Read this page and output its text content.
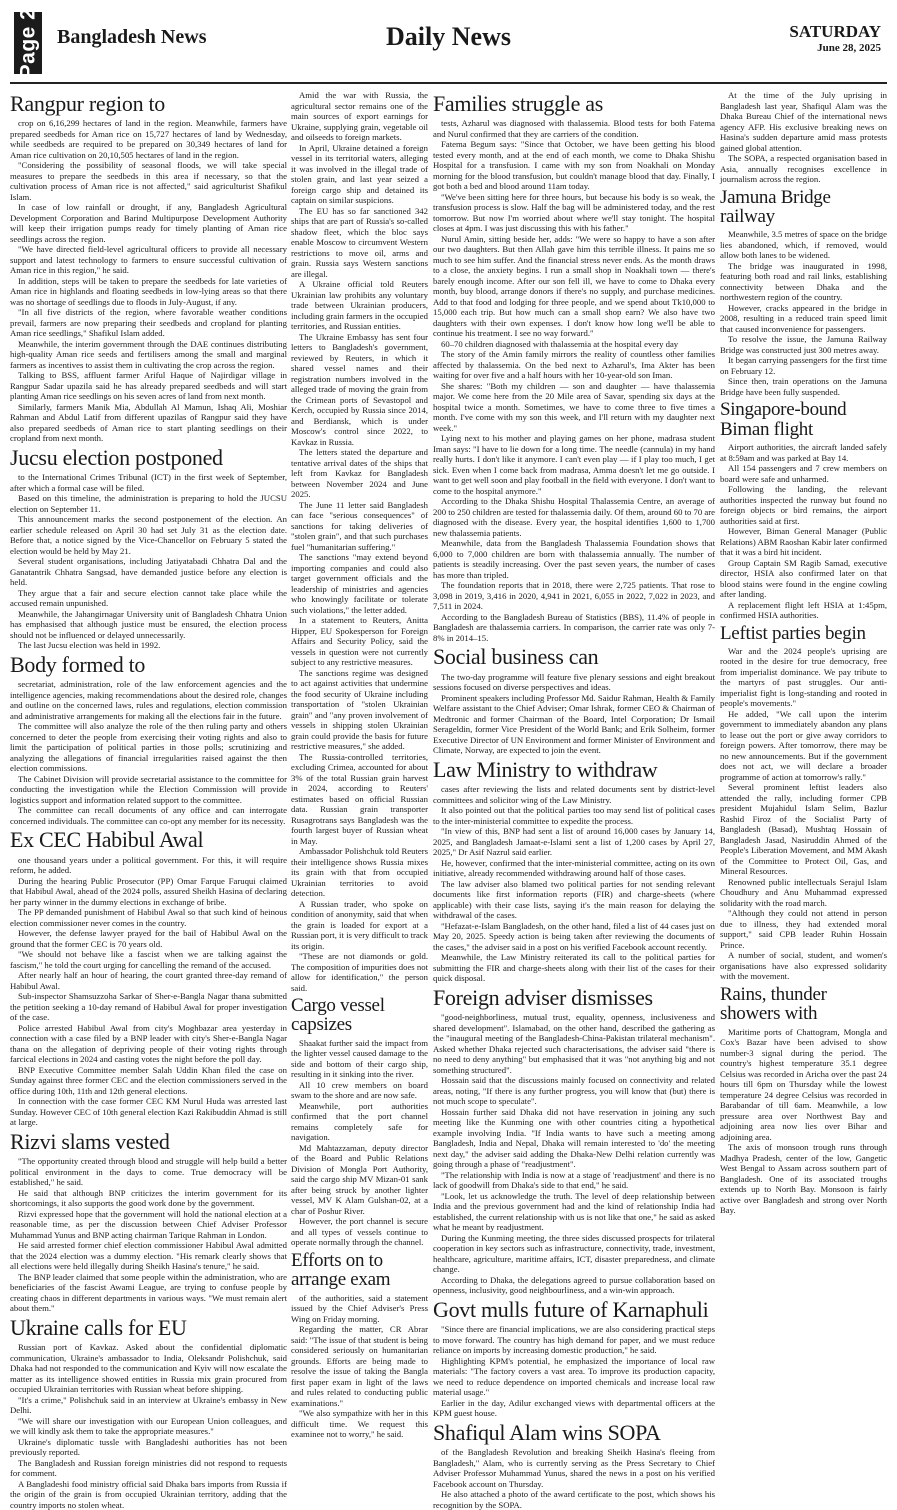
Page 2 Bangladesh News	Daily News	SATURDAY
June 28, 2025
Rangpur region to

crop on 6,16,299 hectares of land in the region. Meanwhile, farmers have prepared seedbeds for Aman rice on 15,727 hectares of land by Wednesday, while seedbeds are required to be prepared on 30,349 hectares of land for Aman rice cultivation on 20,10,505 hectares of land in the region.

"Considering the possibility of seasonal floods, we will take special measures to prepare the seedbeds in this area if necessary, so that the cultivation process of Aman rice is not affected," said agriculturist Shafikul Islam.

In case of low rainfall or drought, if any, Bangladesh Agricultural Development Corporation and Barind Multipurpose Development Authority will keep their irrigation pumps ready for timely planting of Aman rice seedlings across the region.

"We have directed field-level agricultural officers to provide all necessary support and latest technology to farmers to ensure successful cultivation of Aman rice in this region," he said.

In addition, steps will be taken to prepare the seedbeds for late varieties of Aman rice in highlands and floating seedbeds in low-lying areas so that there was no shortage of seedlings due to floods in July-August, if any.

"In all five districts of the region, where favorable weather conditions prevail, farmers are now preparing their seedbeds and cropland for planting Aman rice seedlings," Shafikul Islam added.

Meanwhile, the interim government through the DAE continues distributing high-quality Aman rice seeds and fertilisers among the small and marginal farmers as incentives to assist them in cultivating the crop across the region.

Talking to BSS, affluent farmer Ariful Haque of Najirdigar village in Rangpur Sadar upazila said he has already prepared seedbeds and will start planting Aman rice seedlings on his seven acres of land from next month.

Similarly, farmers Manik Mia, Abdullah Al Mamun, Ishaq Ali, Moshiar Rahman and Abdul Latif from different upazilas of Rangpur said they have also prepared seedbeds of Aman rice to start planting seedlings on their cropland from next month.

Jucsu election postponed

to the International Crimes Tribunal (ICT) in the first week of September, after which a formal case will be filed.

Based on this timeline, the administration is preparing to hold the JUCSU election on September 11.

This announcement marks the second postponement of the election. An earlier schedule released on April 30 had set July 31 as the election date. Before that, a notice signed by the Vice-Chancellor on February 5 stated the election would be held by May 21.

Several student organisations, including Jatiyatabadi Chhatra Dal and the Ganatantrik Chhatra Sangsad, have demanded justice before any election is held.

They argue that a fair and secure election cannot take place while the accused remain unpunished.

Meanwhile, the Jahangirnagar University unit of Bangladesh Chhatra Union has emphasised that although justice must be ensured, the election process should not be influenced or delayed unnecessarily.

The last Jucsu election was held in 1992.

Body formed to

secretariat, administration, role of the law enforcement agencies and the intelligence agencies, making recommendations about the desired role, changes and outline on the concerned laws, rules and regulations, election commission and administrative arrangements for making all the elections fair in the future.

The committee will also analyze the role of the then ruling party and others concerned to deter the people from exercising their voting rights and also to limit the participation of political parties in those polls; scrutinizing and analyzing the allegations of financial irregularities raised against the then election commissions.

The Cabinet Division will provide secretarial assistance to the committee for conducting the investigation while the Election Commission will provide logistics support and information related support to the committee.

The committee can recall documents of any office and can interrogate concerned individuals. The committee can co-opt any member for its necessity.

Ex CEC Habibul Awal

one thousand years under a political government. For this, it will require reform, he added.

During the hearing Public Prosecutor (PP) Omar Farque Faruqui claimed that Habibul Awal, ahead of the 2024 polls, assured Sheikh Hasina of declaring her party winner in the dummy elections in exchange of bribe.

The PP demanded punishment of Habibul Awal so that such kind of heinous election commissioner never comes in the country.

However, the defense lawyer prayed for the bail of Habibul Awal on the ground that the former CEC is 70 years old.

"We should not behave like a fascist when we are talking against the fascism," he told the court urging for cancelling the remand of the accused.

After nearly half an hour of hearing, the court granted three-day remand of Habibul Awal.

Sub-inspector Shamsuzzoha Sarkar of Sher-e-Bangla Nagar thana submitted the petition seeking a 10-day remand of Habibul Awal for proper investigation of the case.

Police arrested Habibul Awal from city's Moghbazar area yesterday in connection with a case filed by a BNP leader with city's Sher-e-Bangla Nagar thana on the allegation of depriving people of their voting rights through farcical elections in 2024 and casting votes the night before the poll day.

BNP Executive Committee member Salah Uddin Khan filed the case on Sunday against three former CEC and the election commissioners served in the office during 10th, 11th and 12th general elections.

In connection with the case former CEC KM Nurul Huda was arrested last Sunday. However CEC of 10th general election Kazi Rakibuddin Ahmad is still at large.

Rizvi slams vested

"The opportunity created through blood and struggle will help build a better political environment in the days to come. True democracy will be established," he said.

He said that although BNP criticizes the interim government for its shortcomings, it also supports the good work done by the government.

Rizvi expressed hope that the government will hold the national election at a reasonable time, as per the discussion between Chief Adviser Professor Muhammad Yunus and BNP acting chairman Tarique Rahman in London.

He said arrested former chief election commissioner Habibul Awal admitted that the 2024 election was a dummy election. "His remark clearly shows that all elections were held illegally during Sheikh Hasina's tenure," he said.

The BNP leader claimed that some people within the administration, who are beneficiaries of the fascist Awami League, are trying to confuse people by creating chaos in different departments in various ways. "We must remain alert about them."

Ukraine calls for EU

Russian port of Kavkaz. Asked about the confidential diplomatic communication, Ukraine's ambassador to India, Oleksandr Polishchuk, said Dhaka had not responded to the communication and Kyiv will now escalate the matter as its intelligence showed entities in Russia mix grain procured from occupied Ukrainian territories with Russian wheat before shipping.

"It's a crime," Polishchuk said in an interview at Ukraine's embassy in New Delhi.

"We will share our investigation with our European Union colleagues, and we will kindly ask them to take the appropriate measures."

Ukraine's diplomatic tussle with Bangladeshi authorities has not been previously reported.

The Bangladesh and Russian foreign ministries did not respond to requests for comment.

A Bangladeshi food ministry official said Dhaka bars imports from Russia if the origin of the grain is from occupied Ukrainian territory, adding that the country imports no stolen wheat.

Amid the war with Russia, the agricultural sector remains one of the main sources of export earnings for Ukraine, supplying grain, vegetable oil and oilseeds to foreign markets.

In April, Ukraine detained a foreign vessel in its territorial waters, alleging it was involved in the illegal trade of stolen grain, and last year seized a foreign cargo ship and detained its captain on similar suspicions.

The EU has so far sanctioned 342 ships that are part of Russia's so-called shadow fleet, which the bloc says enable Moscow to circumvent Western restrictions to move oil, arms and grain. Russia says Western sanctions are illegal.

A Ukraine official told Reuters Ukrainian law prohibits any voluntary trade between Ukrainian producers, including grain farmers in the occupied territories, and Russian entities.

The Ukraine Embassy has sent four letters to Bangladesh's government, reviewed by Reuters, in which it shared vessel names and their registration numbers involved in the alleged trade of moving the grain from the Crimean ports of Sevastopol and Kerch, occupied by Russia since 2014, and Berdiansk, which is under Moscow's control since 2022, to Kavkaz in Russia.

The letters stated the departure and tentative arrival dates of the ships that left from Kavkaz for Bangladesh between November 2024 and June 2025.

The June 11 letter said Bangladesh can face "serious consequences" of sanctions for taking deliveries of "stolen grain", and that such purchases fuel "humanitarian suffering."

The sanctions "may extend beyond importing companies and could also target government officials and the leadership of ministries and agencies who knowingly facilitate or tolerate such violations," the letter added.

In a statement to Reuters, Anitta Hipper, EU Spokesperson for Foreign Affairs and Security Policy, said the vessels in question were not currently subject to any restrictive measures.

The sanctions regime was designed to act against activities that undermine the food security of Ukraine including transportation of "stolen Ukrainian grain" and "any proven involvement of vessels in shipping stolen Ukrainian grain could provide the basis for future restrictive measures," she added.

The Russia-controlled territories, excluding Crimea, accounted for about 3% of the total Russian grain harvest in 2024, according to Reuters' estimates based on official Russian data. Russian grain transporter Rusagrotrans says Bangladesh was the fourth largest buyer of Russian wheat in May.

Ambassador Polishchuk told Reuters their intelligence shows Russia mixes its grain with that from occupied Ukrainian territories to avoid detection.

A Russian trader, who spoke on condition of anonymity, said that when the grain is loaded for export at a Russian port, it is very difficult to track its origin.

"These are not diamonds or gold. The composition of impurities does not allow for identification," the person said.

Cargo vessel capsizes

Shaakat further said the impact from the lighter vessel caused damage to the side and bottom of their cargo ship, resulting in it sinking into the river.

All 10 crew members on board swam to the shore and are now safe.

Meanwhile, port authorities confirmed that the port channel remains completely safe for navigation.

Md Mahtazzaman, deputy director of the Board and Public Relations Division of Mongla Port Authority, said the cargo ship MV Mizan-01 sank after being struck by another lighter vessel, MV K Alam Gulshan-02, at a char of Poshur River.

However, the port channel is secure and all types of vessels continue to operate normally through the channel.

Efforts on to arrange exam

of the authorities, said a statement issued by the Chief Adviser's Press Wing on Friday morning.

Regarding the matter, CR Abrar said: "The issue of that student is being considered seriously on humanitarian grounds. Efforts are being made to resolve the issue of taking the Bangla first paper exam in light of the laws and rules related to conducting public examinations."

"We also sympathize with her in this difficult time. We request this examinee not to worry," he said.

Families struggle as

tests, Azharul was diagnosed with thalassemia. Blood tests for both Fatema and Nurul confirmed that they are carriers of the condition.

Fatema Begum says: "Since that October, we have been getting his blood tested every month, and at the end of each month, we come to Dhaka Shishu Hospital for a transfusion. I came with my son from Noakhali on Monday morning for the blood transfusion, but couldn't manage blood that day. Finally, I got both a bed and blood around 11am today.

"We've been sitting here for three hours, but because his body is so weak, the transfusion process is slow. Half the bag will be administered today, and the rest tomorrow. But now I'm worried about where we'll stay tonight. The hospital closes at 4pm. I was just discussing this with his father."

Nurul Amin, sitting beside her, adds: "We were so happy to have a son after our two daughters. But then Allah gave him this terrible illness. It pains me so much to see him suffer. And the financial stress never ends. As the month draws to a close, the anxiety begins. I run a small shop in Noakhali town — there's barely enough income. After our son fell ill, we have to come to Dhaka every month, buy blood, arrange donors if there's no supply, and purchase medicines. Add to that food and lodging for three people, and we spend about Tk10,000 to 15,000 each trip. But how much can a small shop earn? We also have two daughters with their own expenses. I don't know how long we'll be able to continue his treatment. I see no way forward."

60–70 children diagnosed with thalassemia at the hospital every day

The story of the Amin family mirrors the reality of countless other families affected by thalassemia. On the bed next to Azharul's, Ima Akter has been waiting for over five and a half hours with her 10-year-old son Iman.

She shares: "Both my children — son and daughter — have thalassemia major. We come here from the 20 Mile area of Savar, spending six days at the hospital twice a month. Sometimes, we have to come three to five times a month. I've come with my son this week, and I'll return with my daughter next week."

Lying next to his mother and playing games on her phone, madrasa student Iman says: "I have to lie down for a long time. The needle (cannula) in my hand really hurts. I don't like it anymore. I can't even play — if I play too much, I get sick. Even when I come back from madrasa, Amma doesn't let me go outside. I want to get well soon and play football in the field with everyone. I don't want to come to the hospital anymore."

According to the Dhaka Shishu Hospital Thalassemia Centre, an average of 200 to 250 children are tested for thalassemia daily. Of them, around 60 to 70 are diagnosed with the disease. Every year, the hospital identifies 1,600 to 1,700 new thalassemia patients.

Meanwhile, data from the Bangladesh Thalassemia Foundation shows that 6,000 to 7,000 children are born with thalassemia annually. The number of patients is steadily increasing. Over the past seven years, the number of cases has more than tripled.

The foundation reports that in 2018, there were 2,725 patients. That rose to 3,098 in 2019, 3,416 in 2020, 4,941 in 2021, 6,055 in 2022, 7,022 in 2023, and 7,511 in 2024.

According to the Bangladesh Bureau of Statistics (BBS), 11.4% of people in Bangladesh are thalassemia carriers. In comparison, the carrier rate was only 7-8% in 2014–15.

Social business can

The two-day programme will feature five plenary sessions and eight breakout sessions focused on diverse perspectives and ideas.

Prominent speakers including Professor Md. Saidur Rahman, Health & Family Welfare assistant to the Chief Adviser; Omar Ishrak, former CEO & Chairman of Medtronic and former Chairman of the Board, Intel Corporation; Dr Ismail Serageldin, former Vice President of the World Bank; and Erik Solheim, former Executive Director of UN Environment and former Minister of Environment and Climate, Norway, are expected to join the event.

Law Ministry to withdraw

cases after reviewing the lists and related documents sent by district-level committees and solicitor wing of the Law Ministry.

It also pointed out that the political parties too may send list of political cases to the inter-ministerial committee to expedite the process.

"In view of this, BNP had sent a list of around 16,000 cases by January 14, 2025, and Bangladesh Jamaat-e-Islami sent a list of 1,200 cases by April 27, 2025," Dr Asif Nazrul said earlier.

He, however, confirmed that the inter-ministerial committee, acting on its own initiative, already recommended withdrawing around half of those cases.

The law adviser also blamed two political parties for not sending relevant documents like first information reports (FIR) and charge-sheets (where applicable) with their case lists, saying it's the main reason for delaying the withdrawal of the cases.

"Hefazat-e-Islam Bangladesh, on the other hand, filed a list of 44 cases just on May 20, 2025. Speedy action is being taken after reviewing the documents of the cases," the adviser said in a post on his verified Facebook account recently.

Meanwhile, the Law Ministry reiterated its call to the political parties for submitting the FIR and charge-sheets along with their list of the cases for their quick disposal.

Foreign adviser dismisses

"good-neighborliness, mutual trust, equality, openness, inclusiveness and shared development". Islamabad, on the other hand, described the gathering as the "inaugural meeting of the Bangladesh-China-Pakistan trilateral mechanism". Asked whether Dhaka rejected such characterisations, the adviser said "there is no need to deny anything" but emphasised that it was "not anything big and not something structured".

Hossain said that the discussions mainly focused on connectivity and related areas, noting, "If there is any further progress, you will know that (but) there is not much scope to speculate".

Hossain further said Dhaka did not have reservation in joining any such meeting like the Kunming one with other countries citing a hypothetical example involving India. "If India wants to have such a meeting among Bangladesh, India and Nepal, Dhaka will remain interested to 'do' the meeting next day," the adviser said adding the Dhaka-New Delhi relation currently was going through a phase of "readjustment".

"The relationship with India is now at a stage of 'readjustment' and there is no lack of goodwill from Dhaka's side to that end," he said.

"Look, let us acknowledge the truth. The level of deep relationship between India and the previous government had and the kind of relationship India had established, the current relationship with us is not like that one," he said as asked what he meant by readjustment.

During the Kunming meeting, the three sides discussed prospects for trilateral cooperation in key sectors such as infrastructure, connectivity, trade, investment, healthcare, agriculture, maritime affairs, ICT, disaster preparedness, and climate change.

According to Dhaka, the delegations agreed to pursue collaboration based on openness, inclusivity, good neighbourliness, and a win-win approach.

Govt mulls future of Karnaphuli

"Since there are financial implications, we are also considering practical steps to move forward. The country has high demand for paper, and we must reduce reliance on imports by increasing domestic production," he said.

Highlighting KPM's potential, he emphasized the importance of local raw materials: "The factory covers a vast area. To improve its production capacity, we need to reduce dependence on imported chemicals and increase local raw material usage."

Earlier in the day, Adilur exchanged views with departmental officers at the KPM guest house.

Shafiqul Alam wins SOPA

of the Bangladesh Revolution and breaking Sheikh Hasina's fleeing from Bangladesh," Alam, who is currently serving as the Press Secretary to Chief Adviser Professor Muhammad Yunus, shared the news in a post on his verified Facebook account on Thursday.

He also attached a photo of the award certificate to the post, which shows his recognition by the SOPA.

At the time of the July uprising in Bangladesh last year, Shafiqul Alam was the Dhaka Bureau Chief of the international news agency AFP. His exclusive breaking news on Hasina's sudden departure amid mass protests gained global attention.

The SOPA, a respected organisation based in Asia, annually recognises excellence in journalism across the region.

Jamuna Bridge railway

Meanwhile, 3.5 metres of space on the bridge lies abandoned, which, if removed, would allow both lanes to be widened.

The bridge was inaugurated in 1998, featuring both road and rail links, establishing connectivity between Dhaka and the northwestern region of the country.

However, cracks appeared in the bridge in 2008, resulting in a reduced train speed limit that caused inconvenience for passengers.

To resolve the issue, the Jamuna Railway Bridge was constructed just 300 metres away.

It began carrying passengers for the first time on February 12.

Since then, train operations on the Jamuna Bridge have been fully suspended.

Singapore-bound Biman flight

Airport authorities, the aircraft landed safely at 8:59am and was parked at Bay 14.

All 154 passengers and 7 crew members on board were safe and unharmed.

Following the landing, the relevant authorities inspected the runway but found no foreign objects or bird remains, the airport authorities said at first.

However, Biman General Manager (Public Relations) ABM Raoshan Kabir later confirmed that it was a bird hit incident.

Group Captain SM Ragib Samad, executive director, HSIA also confirmed later on that blood stains were found in the engine cowling after landing.

A replacement flight left HSIA at 1:45pm, confirmed HSIA authorities.

Leftist parties begin

War and the 2024 people's uprising are rooted in the desire for true democracy, free from imperialist dominance. We pay tribute to the martyrs of past struggles. Our anti-imperialist fight is long-standing and rooted in people's movements."

He added, "We call upon the interim government to immediately abandon any plans to lease out the port or give away corridors to foreign powers. After tomorrow, there may be no new announcements. But if the government does not act, we will declare a broader programme of action at tomorrow's rally."

Several prominent leftist leaders also attended the rally, including former CPB president Mujahidul Islam Selim, Bazlur Rashid Firoz of the Socialist Party of Bangladesh (Basad), Mushtaq Hossain of Bangladesh Jasad, Nasiruddin Ahmed of the People's Liberation Movement, and MM Akash of the Committee to Protect Oil, Gas, and Mineral Resources.

Renowned public intellectuals Serajul Islam Choudhury and Anu Muhammad expressed solidarity with the road march.

"Although they could not attend in person due to illness, they had extended moral support," said CPB leader Ruhin Hossain Prince.

A number of social, student, and women's organisations have also expressed solidarity with the movement.

Rains, thunder showers with

Maritime ports of Chattogram, Mongla and Cox's Bazar have been advised to show number-3 signal during the period. The country's highest temperature 35.1 degree Celsius was recorded in Aricha over the past 24 hours till 6pm on Thursday while the lowest temperature 24 degree Celsius was recorded in Barabandar of till 6am. Meanwhile, a low pressure area over Northwest Bay and adjoining area now lies over Bihar and adjoining area.

The axis of monsoon trough runs through Madhya Pradesh, center of the low, Gangetic West Bengal to Assam across southern part of Bangladesh. One of its associated troughs extends up to North Bay. Monsoon is fairly active over Bangladesh and strong over North Bay.
